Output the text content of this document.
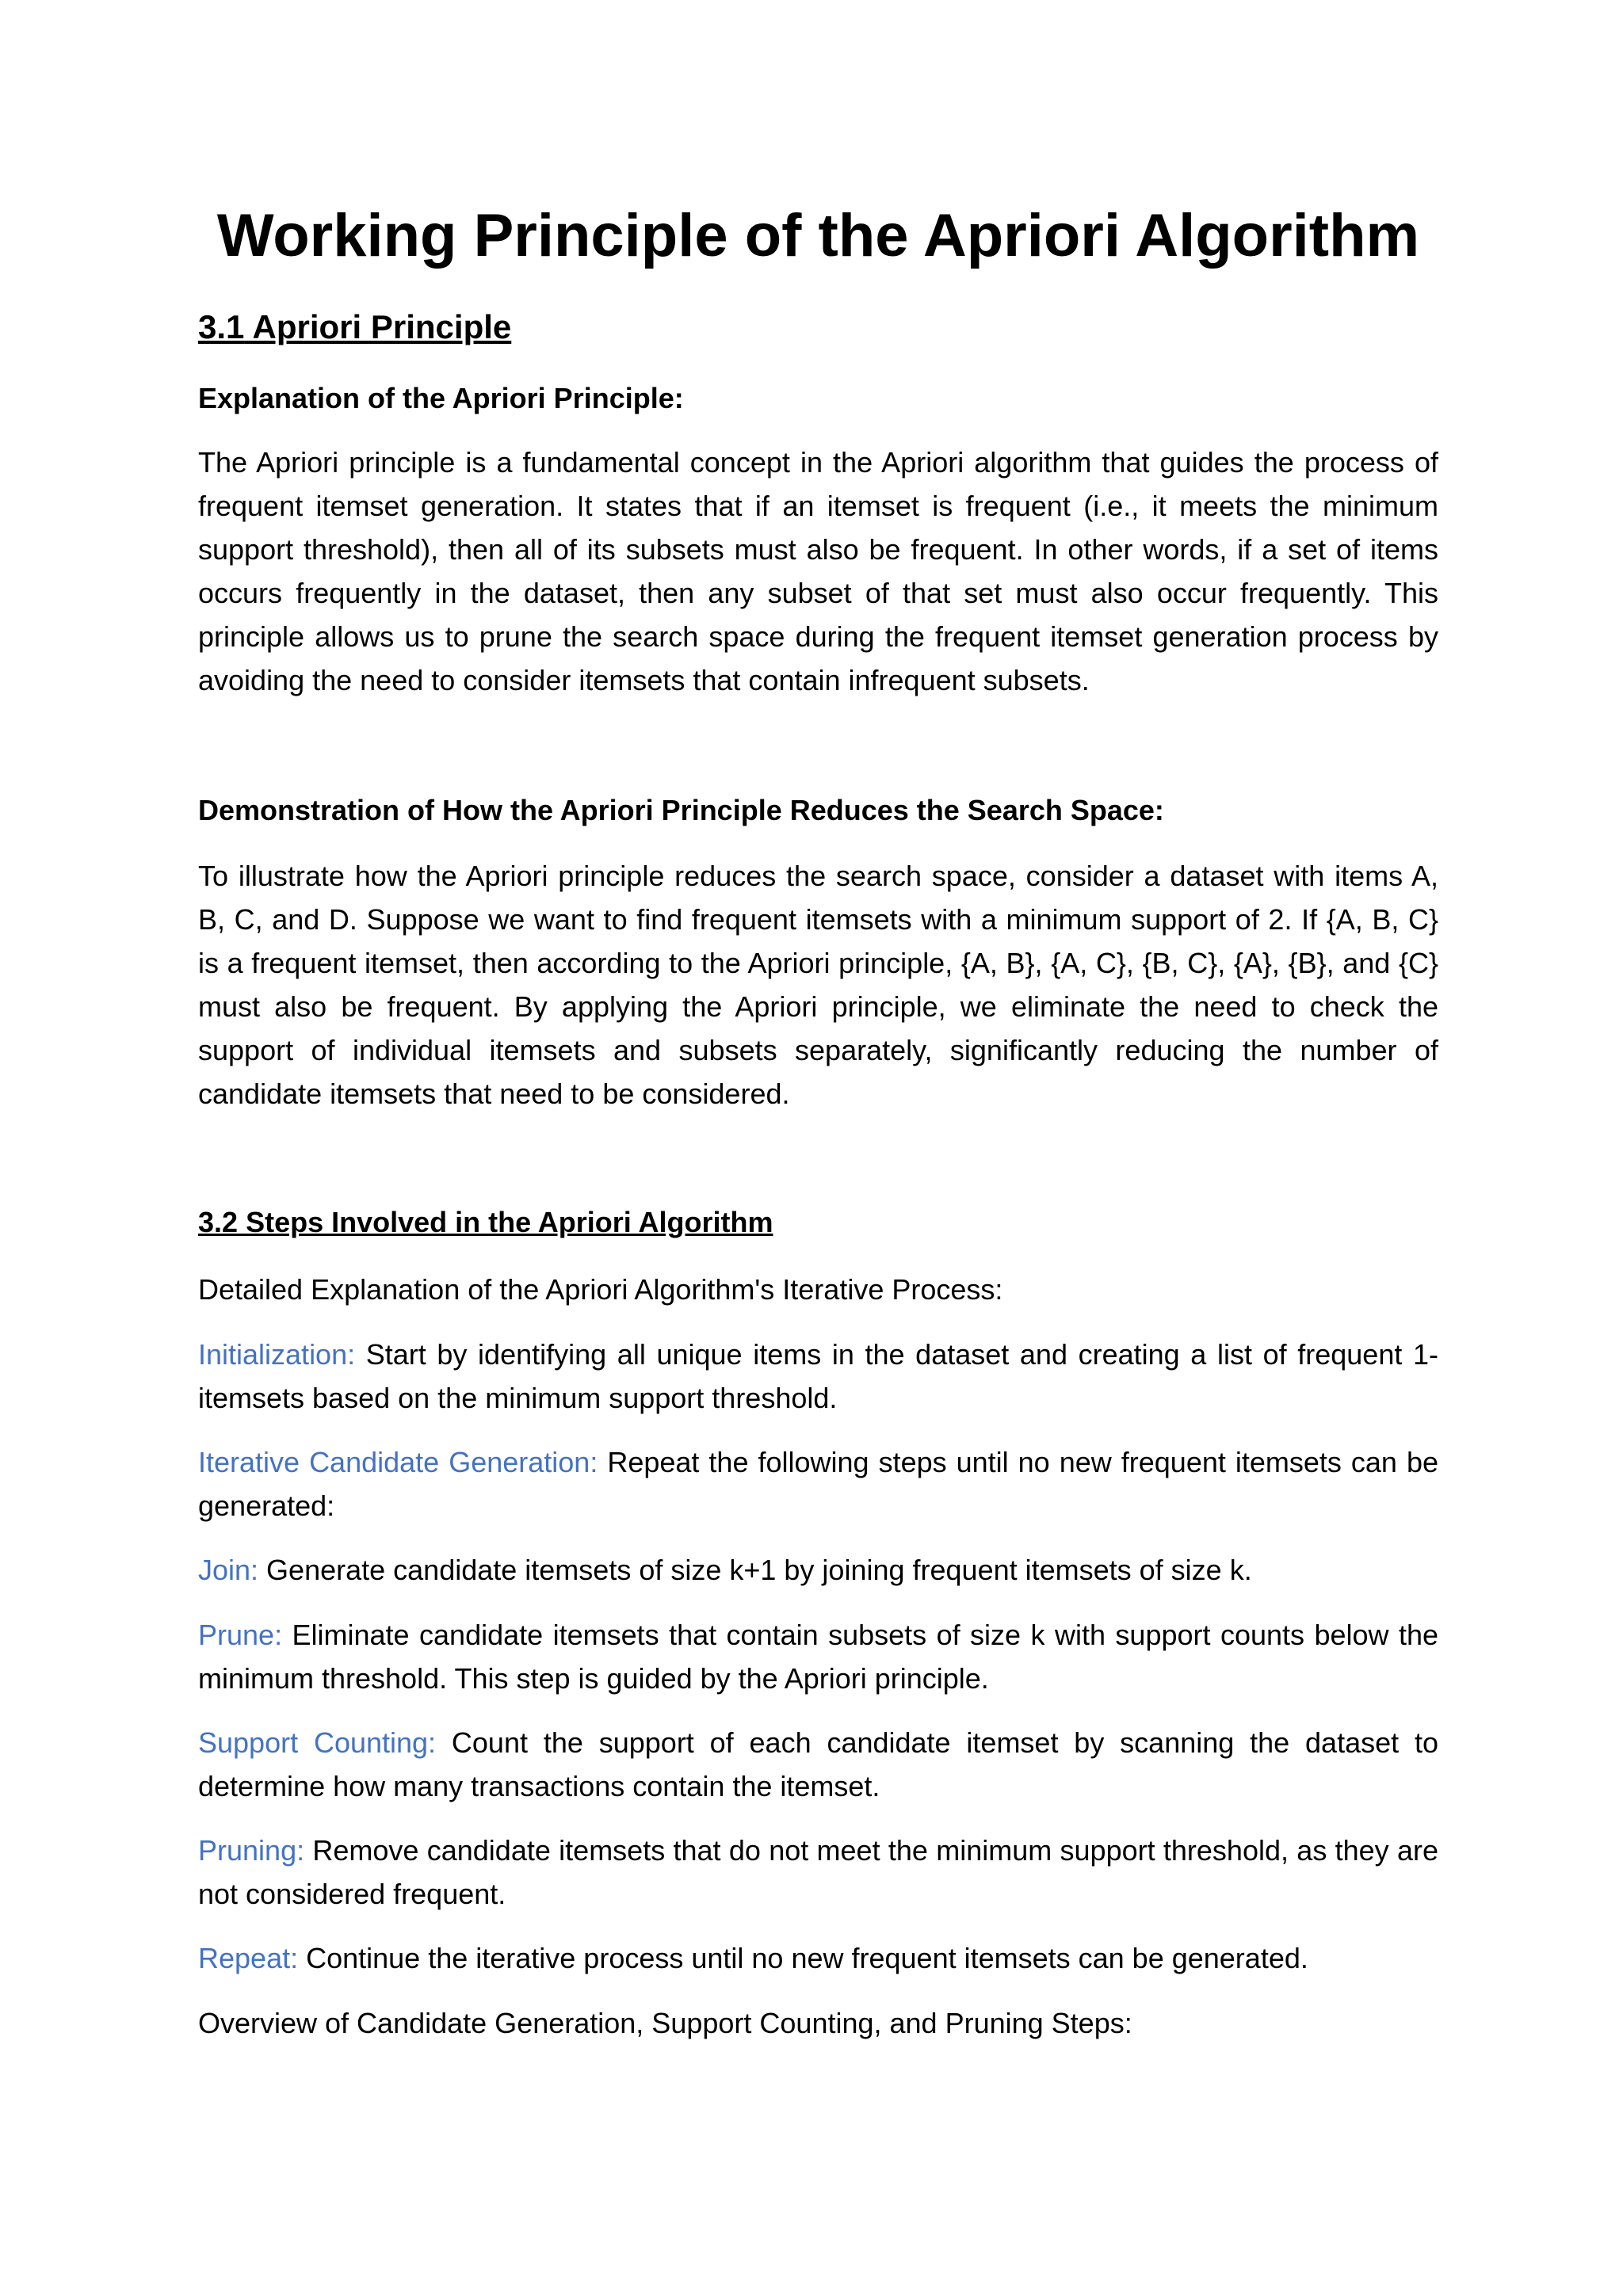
Working Principle of the Apriori Algorithm
3.1 Apriori Principle
Explanation of the Apriori Principle:

The Apriori principle is a fundamental concept in the Apriori algorithm that guides the process of frequent itemset generation. It states that if an itemset is frequent (i.e., it meets the minimum support threshold), then all of its subsets must also be frequent. In other words, if a set of items occurs frequently in the dataset, then any subset of that set must also occur frequently. This principle allows us to prune the search space during the frequent itemset generation process by avoiding the need to consider itemsets that contain infrequent subsets.

Demonstration of How the Apriori Principle Reduces the Search Space:

To illustrate how the Apriori principle reduces the search space, consider a dataset with items A, B, C, and D. Suppose we want to find frequent itemsets with a minimum support of 2. If {A, B, C} is a frequent itemset, then according to the Apriori principle, {A, B}, {A, C}, {B, C}, {A}, {B}, and {C} must also be frequent. By applying the Apriori principle, we eliminate the need to check the support of individual itemsets and subsets separately, significantly reducing the number of candidate itemsets that need to be considered.

3.2 Steps Involved in the Apriori Algorithm

Detailed Explanation of the Apriori Algorithm's Iterative Process:

Initialization: Start by identifying all unique items in the dataset and creating a list of frequent 1-itemsets based on the minimum support threshold.

Iterative Candidate Generation: Repeat the following steps until no new frequent itemsets can be generated:

Join: Generate candidate itemsets of size k+1 by joining frequent itemsets of size k.

Prune: Eliminate candidate itemsets that contain subsets of size k with support counts below the minimum threshold. This step is guided by the Apriori principle.

Support Counting: Count the support of each candidate itemset by scanning the dataset to determine how many transactions contain the itemset.

Pruning: Remove candidate itemsets that do not meet the minimum support threshold, as they are not considered frequent.

Repeat: Continue the iterative process until no new frequent itemsets can be generated.

Overview of Candidate Generation, Support Counting, and Pruning Steps:
